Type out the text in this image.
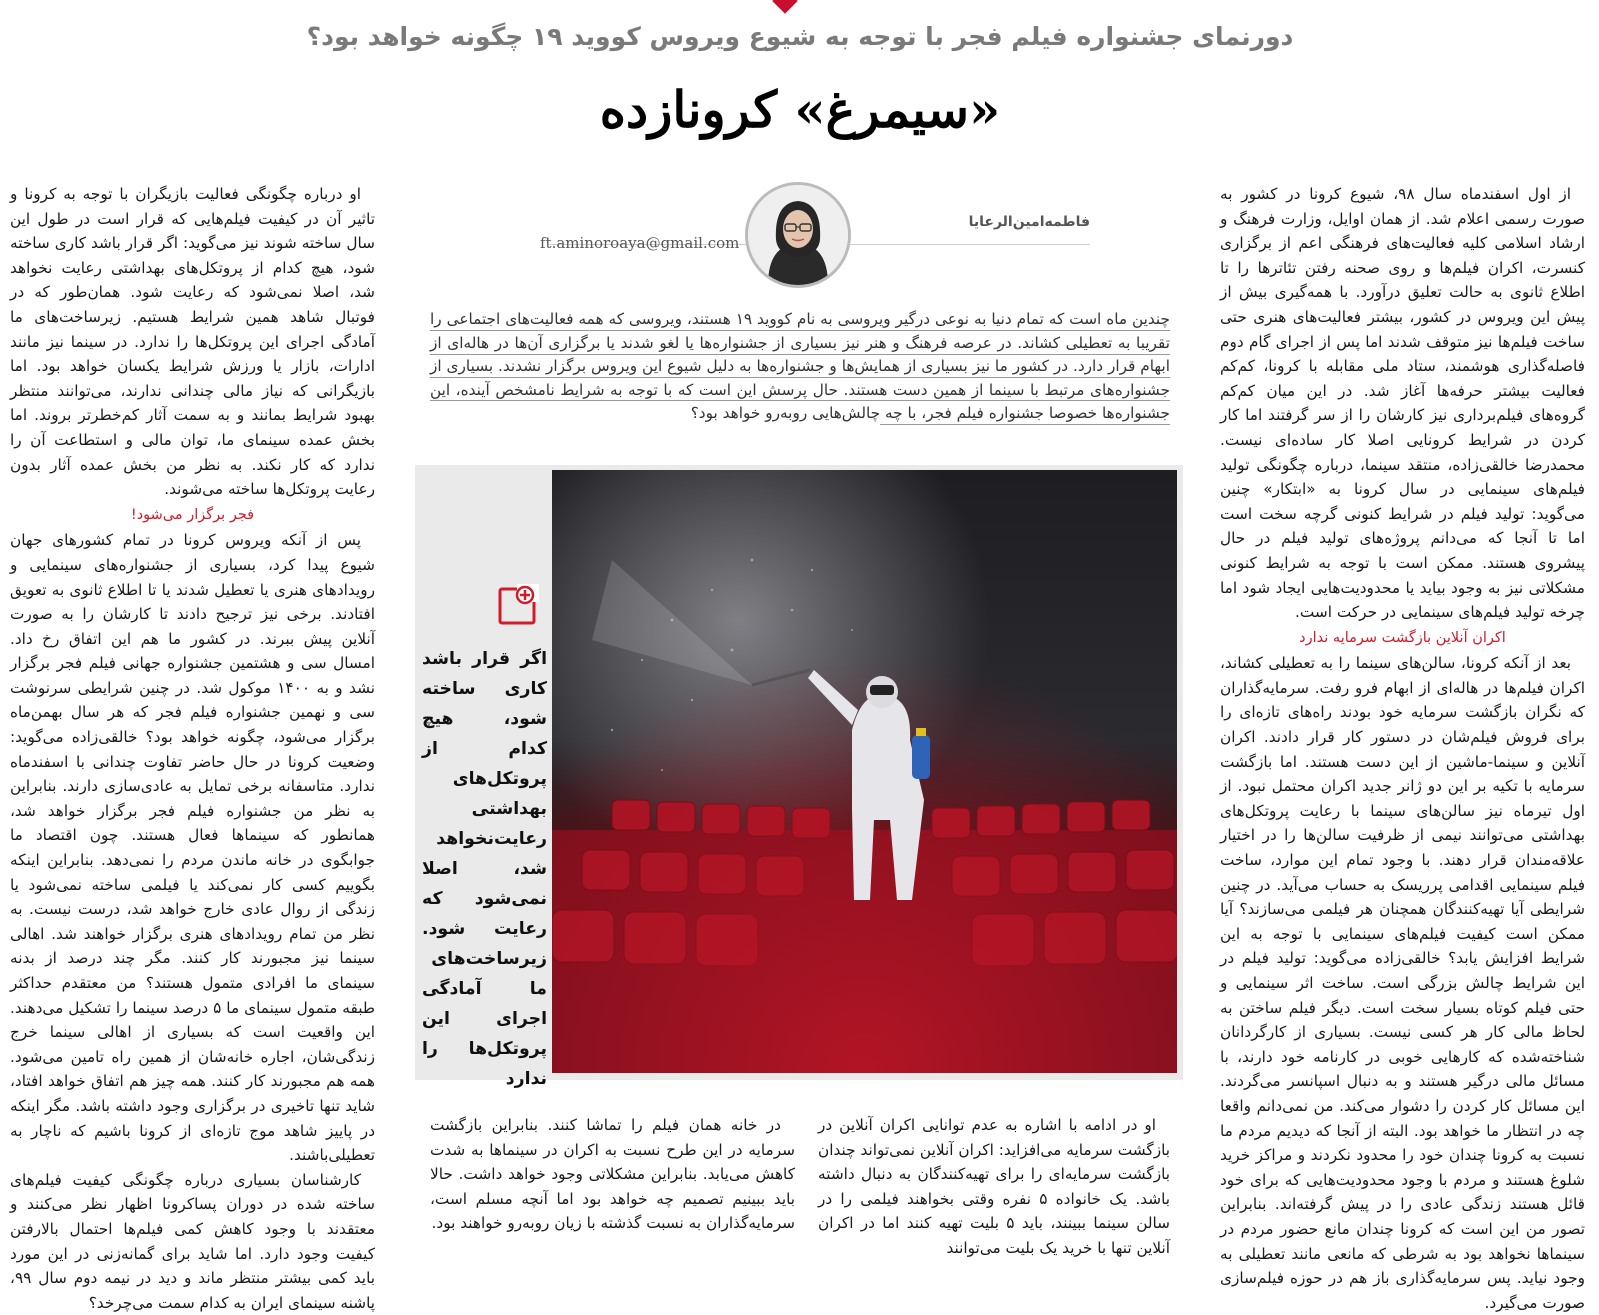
دورنمای جشنواره فیلم فجر با توجه به شیوع ویروس کووید ۱۹ چگونه خواهد بود؟
«سیمرغ» کرونازده

از اول اسفندماه سال ۹۸، شیوع کرونا در کشور به صورت رسمی اعلام شد. از همان اوایل، وزارت فرهنگ و ارشاد اسلامی کلیه فعالیت‌های فرهنگی اعم از برگزاری کنسرت، اکران فیلم‌ها و روی صحنه رفتن تئاترها را تا اطلاع ثانوی به حالت تعلیق درآورد. با همه‌گیری بیش از پیش این ویروس در کشور، بیشتر فعالیت‌های هنری حتی ساخت فیلم‌ها نیز متوقف شدند اما پس از اجرای گام دوم فاصله‌گذاری هوشمند، ستاد ملی مقابله با کرونا، کم‌کم فعالیت بیشتر حرفه‌ها آغاز شد. در این میان کم‌کم گروه‌های فیلم‌برداری نیز کارشان را از سر گرفتند اما کار کردن در شرایط کرونایی اصلا کار ساده‌ای نیست. محمدرضا خالقی‌زاده، منتقد سینما، درباره چگونگی تولید فیلم‌های سینمایی در سال کرونا به «ابتکار» چنین می‌گوید: تولید فیلم در شرایط کنونی گرچه سخت است اما تا آنجا که می‌دانم پروژه‌های تولید فیلم در حال پیشروی هستند. ممکن است با توجه به شرایط کنونی مشکلاتی نیز به وجود بیاید یا محدودیت‌هایی ایجاد شود اما چرخه تولید فیلم‌های سینمایی در حرکت است.

اکران آنلاین بازگشت سرمایه ندارد

بعد از آنکه کرونا، سالن‌های سینما را به تعطیلی کشاند، اکران فیلم‌ها در هاله‌ای از ابهام فرو رفت. سرمایه‌گذاران که نگران بازگشت سرمایه خود بودند راه‌های تازه‌ای را برای فروش فیلم‌شان در دستور کار قرار دادند. اکران آنلاین و سینما-ماشین از این دست هستند. اما بازگشت سرمایه با تکیه بر این دو ژانر جدید اکران محتمل نبود. از اول تیرماه نیز سالن‌های سینما با رعایت پروتکل‌های بهداشتی می‌توانند نیمی از ظرفیت سالن‌ها را در اختیار علاقه‌مندان قرار دهند. با وجود تمام این موارد، ساخت فیلم سینمایی اقدامی پرریسک به حساب می‌آید. در چنین شرایطی آیا تهیه‌کنندگان همچنان هر فیلمی می‌سازند؟ آیا ممکن است کیفیت فیلم‌های سینمایی با توجه به این شرایط افزایش یابد؟ خالقی‌زاده می‌گوید: تولید فیلم در این شرایط چالش بزرگی است. ساخت اثر سینمایی و حتی فیلم کوتاه بسیار سخت است. دیگر فیلم ساختن به لحاظ مالی کار هر کسی نیست. بسیاری از کارگردانان شناخته‌شده که کارهایی خوبی در کارنامه خود دارند، با مسائل مالی درگیر هستند و به دنبال اسپانسر می‌گردند. این مسائل کار کردن را دشوار می‌کند. من نمی‌دانم واقعا چه در انتظار ما خواهد بود. البته از آنجا که دیدیم مردم ما نسبت به کرونا چندان خود را محدود نکردند و مراکز خرید شلوغ هستند و مردم با وجود محدودیت‌هایی که برای خود قائل هستند زندگی عادی را در پیش گرفته‌اند. بنابراین تصور من این است که کرونا چندان مانع حضور مردم در سینماها نخواهد بود به شرطی که مانعی مانند تعطیلی به وجود نیاید. پس سرمایه‌گذاری باز هم در حوزه فیلم‌سازی صورت می‌گیرد.

فاطمه‌امین‌الرعایا
ft.aminoroaya@gmail.com

چندین ماه است که تمام دنیا به نوعی درگیر ویروسی به نام کووید ۱۹ هستند، ویروسی که همه فعالیت‌های اجتماعی را تقریبا به تعطیلی کشاند. در عرصه فرهنگ و هنر نیز بسیاری از جشنواره‌ها یا لغو شدند یا برگزاری آن‌ها در هاله‌ای از ابهام قرار دارد. در کشور ما نیز بسیاری از همایش‌ها و جشنواره‌ها به دلیل شیوع این ویروس برگزار نشدند. بسیاری از جشنواره‌های مرتبط با سینما از همین دست هستند. حال پرسش این است که با توجه به شرایط نامشخص آینده، این جشنواره‌ها خصوصا جشنواره فیلم فجر، با چه چالش‌هایی روبه‌رو خواهد بود؟

اگر قرار باشد کاری ساخته شود، هیچ کدام از پروتکل‌های بهداشتی رعایت‌نخواهد شد، اصلا نمی‌شود که رعایت شود. زیرساخت‌های ما آمادگی اجرای این پروتکل‌ها را ندارد

او در ادامه با اشاره به عدم توانایی اکران آنلاین در بازگشت سرمایه می‌افزاید: اکران آنلاین نمی‌تواند چندان بازگشت سرمایه‌ای را برای تهیه‌کنندگان به دنبال داشته باشد. یک خانواده ۵ نفره وقتی بخواهند فیلمی را در سالن سینما ببینند، باید ۵ بلیت تهیه کنند اما در اکران آنلاین تنها با خرید یک بلیت می‌توانند

در خانه همان فیلم را تماشا کنند. بنابراین بازگشت سرمایه در این طرح نسبت به اکران در سینماها به شدت کاهش می‌یابد. بنابراین مشکلاتی وجود خواهد داشت. حالا باید ببینیم تصمیم چه خواهد بود اما آنچه مسلم است، سرمایه‌گذاران به نسبت گذشته با زیان روبه‌رو خواهند بود.

او درباره چگونگی فعالیت بازیگران با توجه به کرونا و تاثیر آن در کیفیت فیلم‌هایی که قرار است در طول این سال ساخته شوند نیز می‌گوید: اگر قرار باشد کاری ساخته شود، هیچ کدام از پروتکل‌های بهداشتی رعایت نخواهد شد، اصلا نمی‌شود که رعایت شود. همان‌طور که در فوتبال شاهد همین شرایط هستیم. زیرساخت‌های ما آمادگی اجرای این پروتکل‌ها را ندارد. در سینما نیز مانند ادارات، بازار یا ورزش شرایط یکسان خواهد بود. اما بازیگرانی که نیاز مالی چندانی ندارند، می‌توانند منتظر بهبود شرایط بمانند و به سمت آثار کم‌خطرتر بروند. اما بخش عمده سینمای ما، توان مالی و استطاعت آن را ندارد که کار نکند. به نظر من بخش عمده آثار بدون رعایت پروتکل‌ها ساخته می‌شوند.

فجر برگزار می‌شود!

پس از آنکه ویروس کرونا در تمام کشورهای جهان شیوع پیدا کرد، بسیاری از جشنواره‌های سینمایی و رویدادهای هنری یا تعطیل شدند یا تا اطلاع ثانوی به تعویق افتادند. برخی نیز ترجیح دادند تا کارشان را به صورت آنلاین پیش ببرند. در کشور ما هم این اتفاق رخ داد. امسال سی و هشتمین جشنواره جهانی فیلم فجر برگزار نشد و به ۱۴۰۰ موکول شد. در چنین شرایطی سرنوشت سی و نهمین جشنواره فیلم فجر که هر سال بهمن‌ماه برگزار می‌شود، چگونه خواهد بود؟ خالقی‌زاده می‌گوید: وضعیت کرونا در حال حاضر تفاوت چندانی با اسفندماه ندارد. متاسفانه برخی تمایل به عادی‌سازی دارند. بنابراین به نظر من جشنواره فیلم فجر برگزار خواهد شد، همانطور که سینماها فعال هستند. چون اقتصاد ما جوابگوی در خانه ماندن مردم را نمی‌دهد. بنابراین اینکه بگوییم کسی کار نمی‌کند یا فیلمی ساخته نمی‌شود یا زندگی از روال عادی خارج خواهد شد، درست نیست. به نظر من تمام رویدادهای هنری برگزار خواهند شد. اهالی سینما نیز مجبورند کار کنند. مگر چند درصد از بدنه سینمای ما افرادی متمول هستند؟ من معتقدم حداکثر طبقه متمول سینمای ما ۵ درصد سینما را تشکیل می‌دهند. این واقعیت است که بسیاری از اهالی سینما خرج زندگی‌شان، اجاره خانه‌شان از همین راه تامین می‌شود. همه هم مجبورند کار کنند. همه چیز هم اتفاق خواهد افتاد، شاید تنها تاخیری در برگزاری وجود داشته باشد. مگر اینکه در پاییز شاهد موج تازه‌ای از کرونا باشیم که ناچار به تعطیلی‌باشند.

کارشناسان بسیاری درباره چگونگی کیفیت فیلم‌های ساخته شده در دوران پساکرونا اظهار نظر می‌کنند و معتقدند با وجود کاهش کمی فیلم‌ها احتمال بالارفتن کیفیت وجود دارد. اما شاید برای گمانه‌زنی در این مورد باید کمی بیشتر منتظر ماند و دید در نیمه دوم سال ۹۹، پاشنه سینمای ایران به کدام سمت می‌چرخد؟
